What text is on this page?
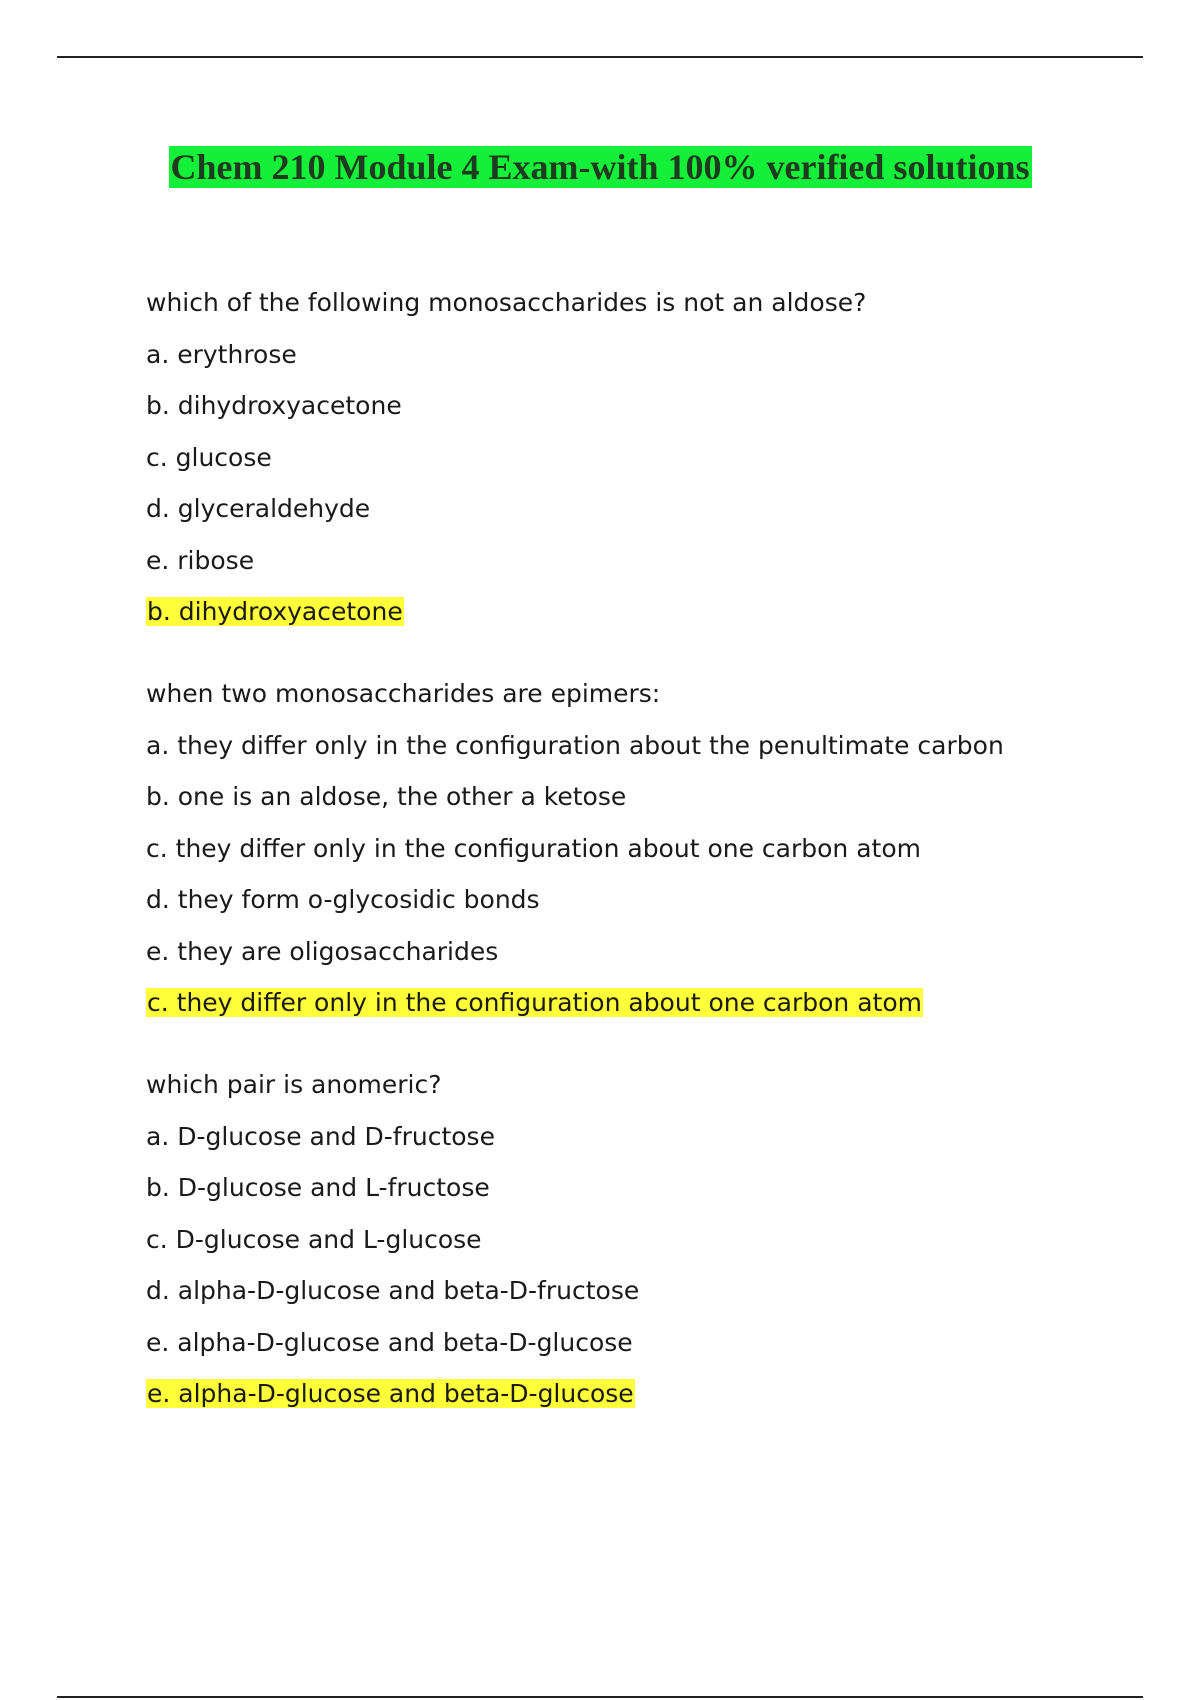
Chem 210 Module 4 Exam-with 100% verified solutions
which of the following monosaccharides is not an aldose?
a. erythrose
b. dihydroxyacetone
c. glucose
d. glyceraldehyde
e. ribose
b. dihydroxyacetone
when two monosaccharides are epimers:
a. they differ only in the configuration about the penultimate carbon
b. one is an aldose, the other a ketose
c. they differ only in the configuration about one carbon atom
d. they form o-glycosidic bonds
e. they are oligosaccharides
c. they differ only in the configuration about one carbon atom
which pair is anomeric?
a. D-glucose and D-fructose
b. D-glucose and L-fructose
c. D-glucose and L-glucose
d. alpha-D-glucose and beta-D-fructose
e. alpha-D-glucose and beta-D-glucose
e. alpha-D-glucose and beta-D-glucose
